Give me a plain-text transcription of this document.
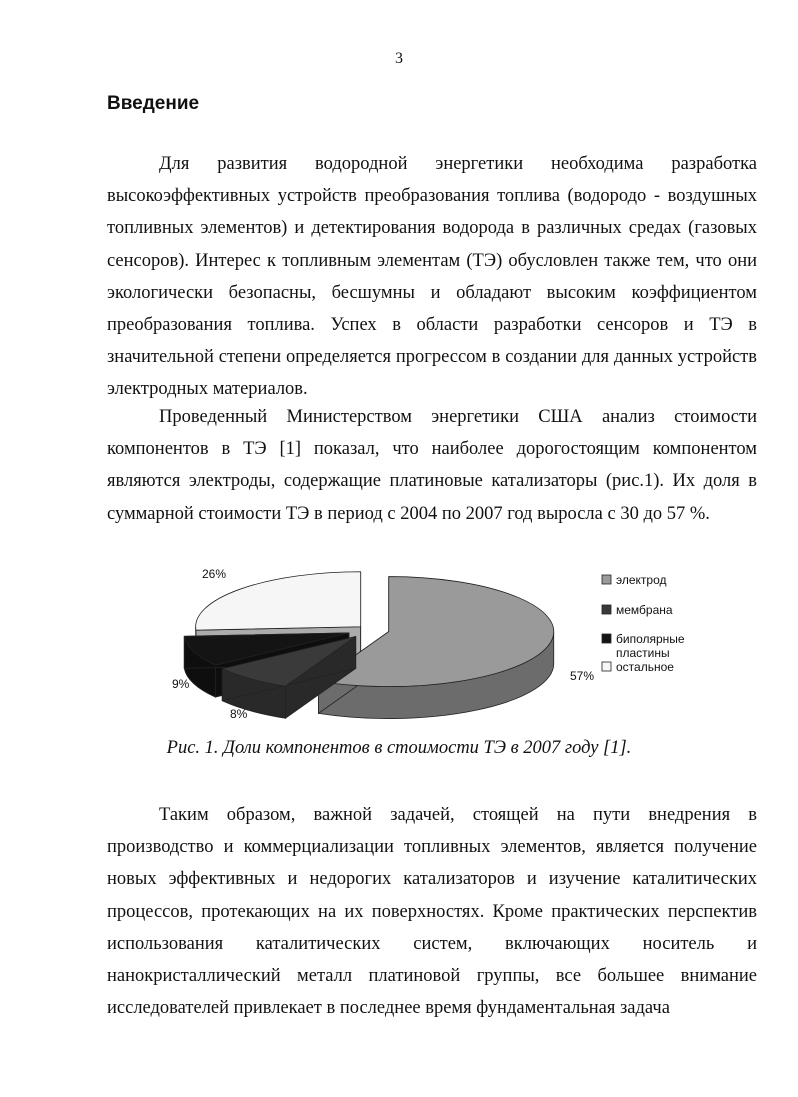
3
Введение

Для развития водородной энергетики необходима разработка высокоэффективных устройств преобразования топлива (водородо - воздушных топливных элементов) и детектирования водорода в различных средах (газовых сенсоров). Интерес к топливным элементам (ТЭ) обусловлен также тем, что они экологически безопасны, бесшумны и обладают высоким коэффициентом преобразования топлива. Успех в области разработки сенсоров и ТЭ в значительной степени определяется прогрессом в создании для данных устройств электродных материалов.

Проведенный Министерством энергетики США анализ стоимости компонентов в ТЭ [1] показал, что наиболее дорогостоящим компонентом являются электроды, содержащие платиновые катализаторы (рис.1). Их доля в суммарной стоимости ТЭ в период с 2004 по 2007 год выросла с 30 до 57 %.

57%
8%
9%
26%	электрод
мембрана
биполярные
пластины
остальное
Рис. 1. Доли компонентов в стоимости ТЭ в 2007 году [1].

Таким образом, важной задачей, стоящей на пути внедрения в производство и коммерциализации топливных элементов, является получение новых эффективных и недорогих катализаторов и изучение каталитических процессов, протекающих на их поверхностях. Кроме практических перспектив использования каталитических систем, включающих носитель и нанокристаллический металл платиновой группы, все большее внимание исследователей привлекает в последнее время фундаментальная задача
